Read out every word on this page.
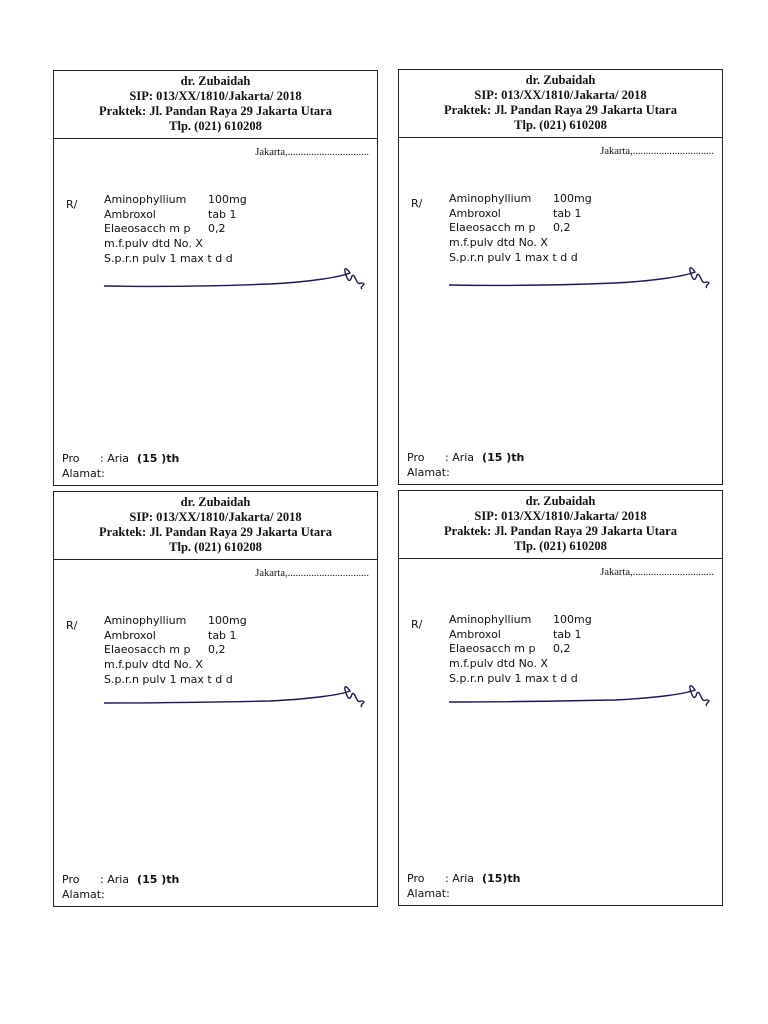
dr. Zubaidah
SIP: 013/XX/1810/Jakarta/ 2018
Praktek: Jl. Pandan Raya 29 Jakarta Utara
Tlp. (021) 610208
Jakarta,...............................
R/ Aminophyllium 100mg
Ambroxol	tab 1
Elaeosacch m p 0,2
m.f.pulv dtd No. X
S.p.r.n pulv 1 max t d d
Pro : Aria (15 )th
Alamat:
dr. Zubaidah
SIP: 013/XX/1810/Jakarta/ 2018
Praktek: Jl. Pandan Raya 29 Jakarta Utara
Tlp. (021) 610208
Jakarta,...............................
R/ Aminophyllium 100mg
Ambroxol	tab 1
Elaeosacch m p 0,2
m.f.pulv dtd No. X
S.p.r.n pulv 1 max t d d
Pro : Aria (15 )th
Alamat:
dr. Zubaidah
SIP: 013/XX/1810/Jakarta/ 2018
Praktek: Jl. Pandan Raya 29 Jakarta Utara
Tlp. (021) 610208
Jakarta,...............................
R/ Aminophyllium 100mg
Ambroxol	tab 1
Elaeosacch m p 0,2
m.f.pulv dtd No. X
S.p.r.n pulv 1 max t d d
Pro : Aria (15 )th
Alamat:
dr. Zubaidah
SIP: 013/XX/1810/Jakarta/ 2018
Praktek: Jl. Pandan Raya 29 Jakarta Utara
Tlp. (021) 610208
Jakarta,...............................
R/ Aminophyllium 100mg
Ambroxol	tab 1
Elaeosacch m p 0,2
m.f.pulv dtd No. X
S.p.r.n pulv 1 max t d d
Pro : Aria (15)th
Alamat:
